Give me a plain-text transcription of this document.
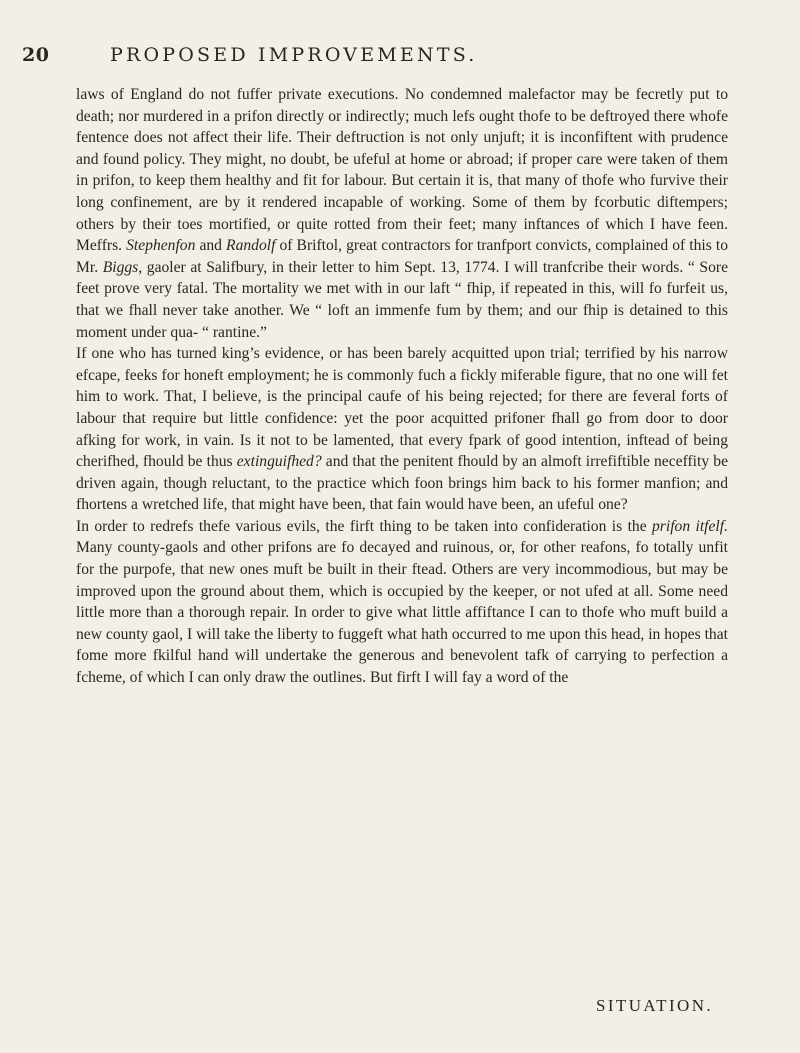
20	PROPOSED IMPROVEMENTS.

laws of England do not fuffer private executions. No condemned malefactor may be fecretly put to death; nor murdered in a prifon directly or indirectly; much lefs ought thofe to be deftroyed there whofe fentence does not affect their life. Their deftruction is not only unjuft; it is inconfiftent with prudence and found policy. They might, no doubt, be ufeful at home or abroad; if proper care were taken of them in prifon, to keep them healthy and fit for labour. But certain it is, that many of thofe who furvive their long confinement, are by it rendered incapable of working. Some of them by fcorbutic diftempers; others by their toes mortified, or quite rotted from their feet; many inftances of which I have feen. Meffrs. Stephenfon and Randolf of Briftol, great contractors for tranfport convicts, complained of this to Mr. Biggs, gaoler at Salifbury, in their letter to him Sept. 13, 1774. I will tranfcribe their words. “ Sore feet prove very fatal. The mortality we met with in our laft “ fhip, if repeated in this, will fo furfeit us, that we fhall never take another. We “ loft an immenfe fum by them; and our fhip is detained to this moment under qua- “ rantine.”

If one who has turned king’s evidence, or has been barely acquitted upon trial; terrified by his narrow efcape, feeks for honeft employment; he is commonly fuch a fickly miferable figure, that no one will fet him to work. That, I believe, is the principal caufe of his being rejected; for there are feveral forts of labour that require but little confidence: yet the poor acquitted prifoner fhall go from door to door afking for work, in vain. Is it not to be lamented, that every fpark of good intention, inftead of being cherifhed, fhould be thus extinguifhed? and that the penitent fhould by an almoft irrefiftible neceffity be driven again, though reluctant, to the practice which foon brings him back to his former manfion; and fhortens a wretched life, that might have been, that fain would have been, an ufeful one?

In order to redrefs thefe various evils, the firft thing to be taken into confideration is the prifon itfelf. Many county-gaols and other prifons are fo decayed and ruinous, or, for other reafons, fo totally unfit for the purpofe, that new ones muft be built in their ftead. Others are very incommodious, but may be improved upon the ground about them, which is occupied by the keeper, or not ufed at all. Some need little more than a thorough repair. In order to give what little affiftance I can to thofe who muft build a new county gaol, I will take the liberty to fuggeft what hath occurred to me upon this head, in hopes that fome more fkilful hand will undertake the generous and benevolent tafk of carrying to perfection a fcheme, of which I can only draw the outlines. But firft I will fay a word of the

SITUATION.
